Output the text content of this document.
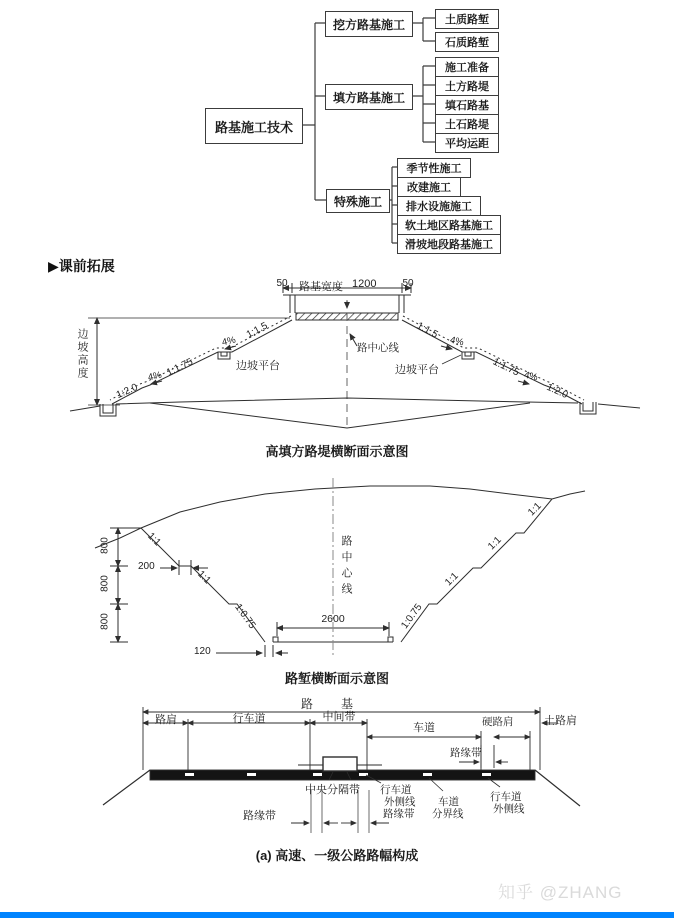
路基施工技术
挖方路基施工
填方路基施工
特殊施工
土质路堑
石质路堑
施工准备
土方路堤
填石路基
土石路堤
平均运距
季节性施工
改建施工
排水设施施工
软土地区路基施工
滑坡地段路基施工
▶课前拓展
50	路基宽度 1200	50
路中心线
边坡高度	边坡平台	边坡平台
1:1.5
1:1.75
1:2.0
4%
4%
1:1.5
1:1.75
1:2.0
4%
4%
高填方路堤横断面示意图
800
800
800
200
120
2600
1:1
1:1
1:0.75
1:1
1:1
1:1
1:0.75
路中心线
路堑横断面示意图
路基
路肩	行车道	中间带
车道	硬路肩	土路肩
路缘带
中央分隔带 行车道
外侧线
路缘带
路缘带
车道
分界线
行车道
外侧线
(a) 高速、一级公路路幅构成
知乎 @ZHANG
